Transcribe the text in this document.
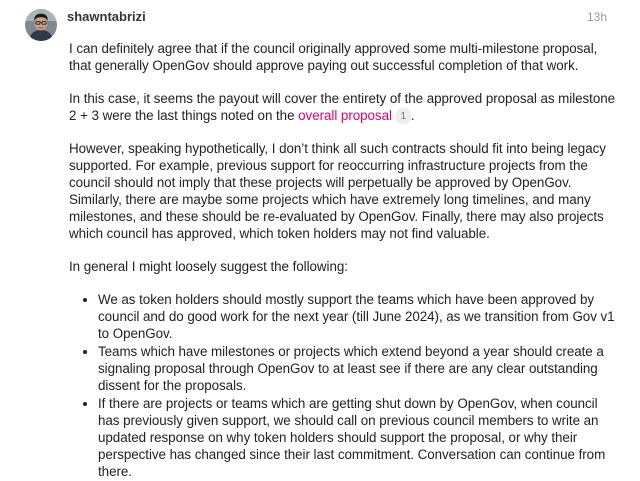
shawntabrizi	13h

I can definitely agree that if the council originally approved some multi-milestone proposal, that generally OpenGov should approve paying out successful completion of that work.

In this case, it seems the payout will cover the entirety of the approved proposal as milestone 2 + 3 were the last things noted on the overall proposal 1 .

However, speaking hypothetically, I don’t think all such contracts should fit into being legacy supported. For example, previous support for reoccurring infrastructure projects from the council should not imply that these projects will perpetually be approved by OpenGov. Similarly, there are maybe some projects which have extremely long timelines, and many milestones, and these should be re-evaluated by OpenGov. Finally, there may also projects which council has approved, which token holders may not find valuable.

In general I might loosely suggest the following:

• We as token holders should mostly support the teams which have been approved by council and do good work for the next year (till June 2024), as we transition from Gov v1 to OpenGov.
• Teams which have milestones or projects which extend beyond a year should create a signaling proposal through OpenGov to at least see if there are any clear outstanding dissent for the proposals.
• If there are projects or teams which are getting shut down by OpenGov, when council has previously given support, we should call on previous council members to write an updated response on why token holders should support the proposal, or why their perspective has changed since their last commitment. Conversation can continue from there.
